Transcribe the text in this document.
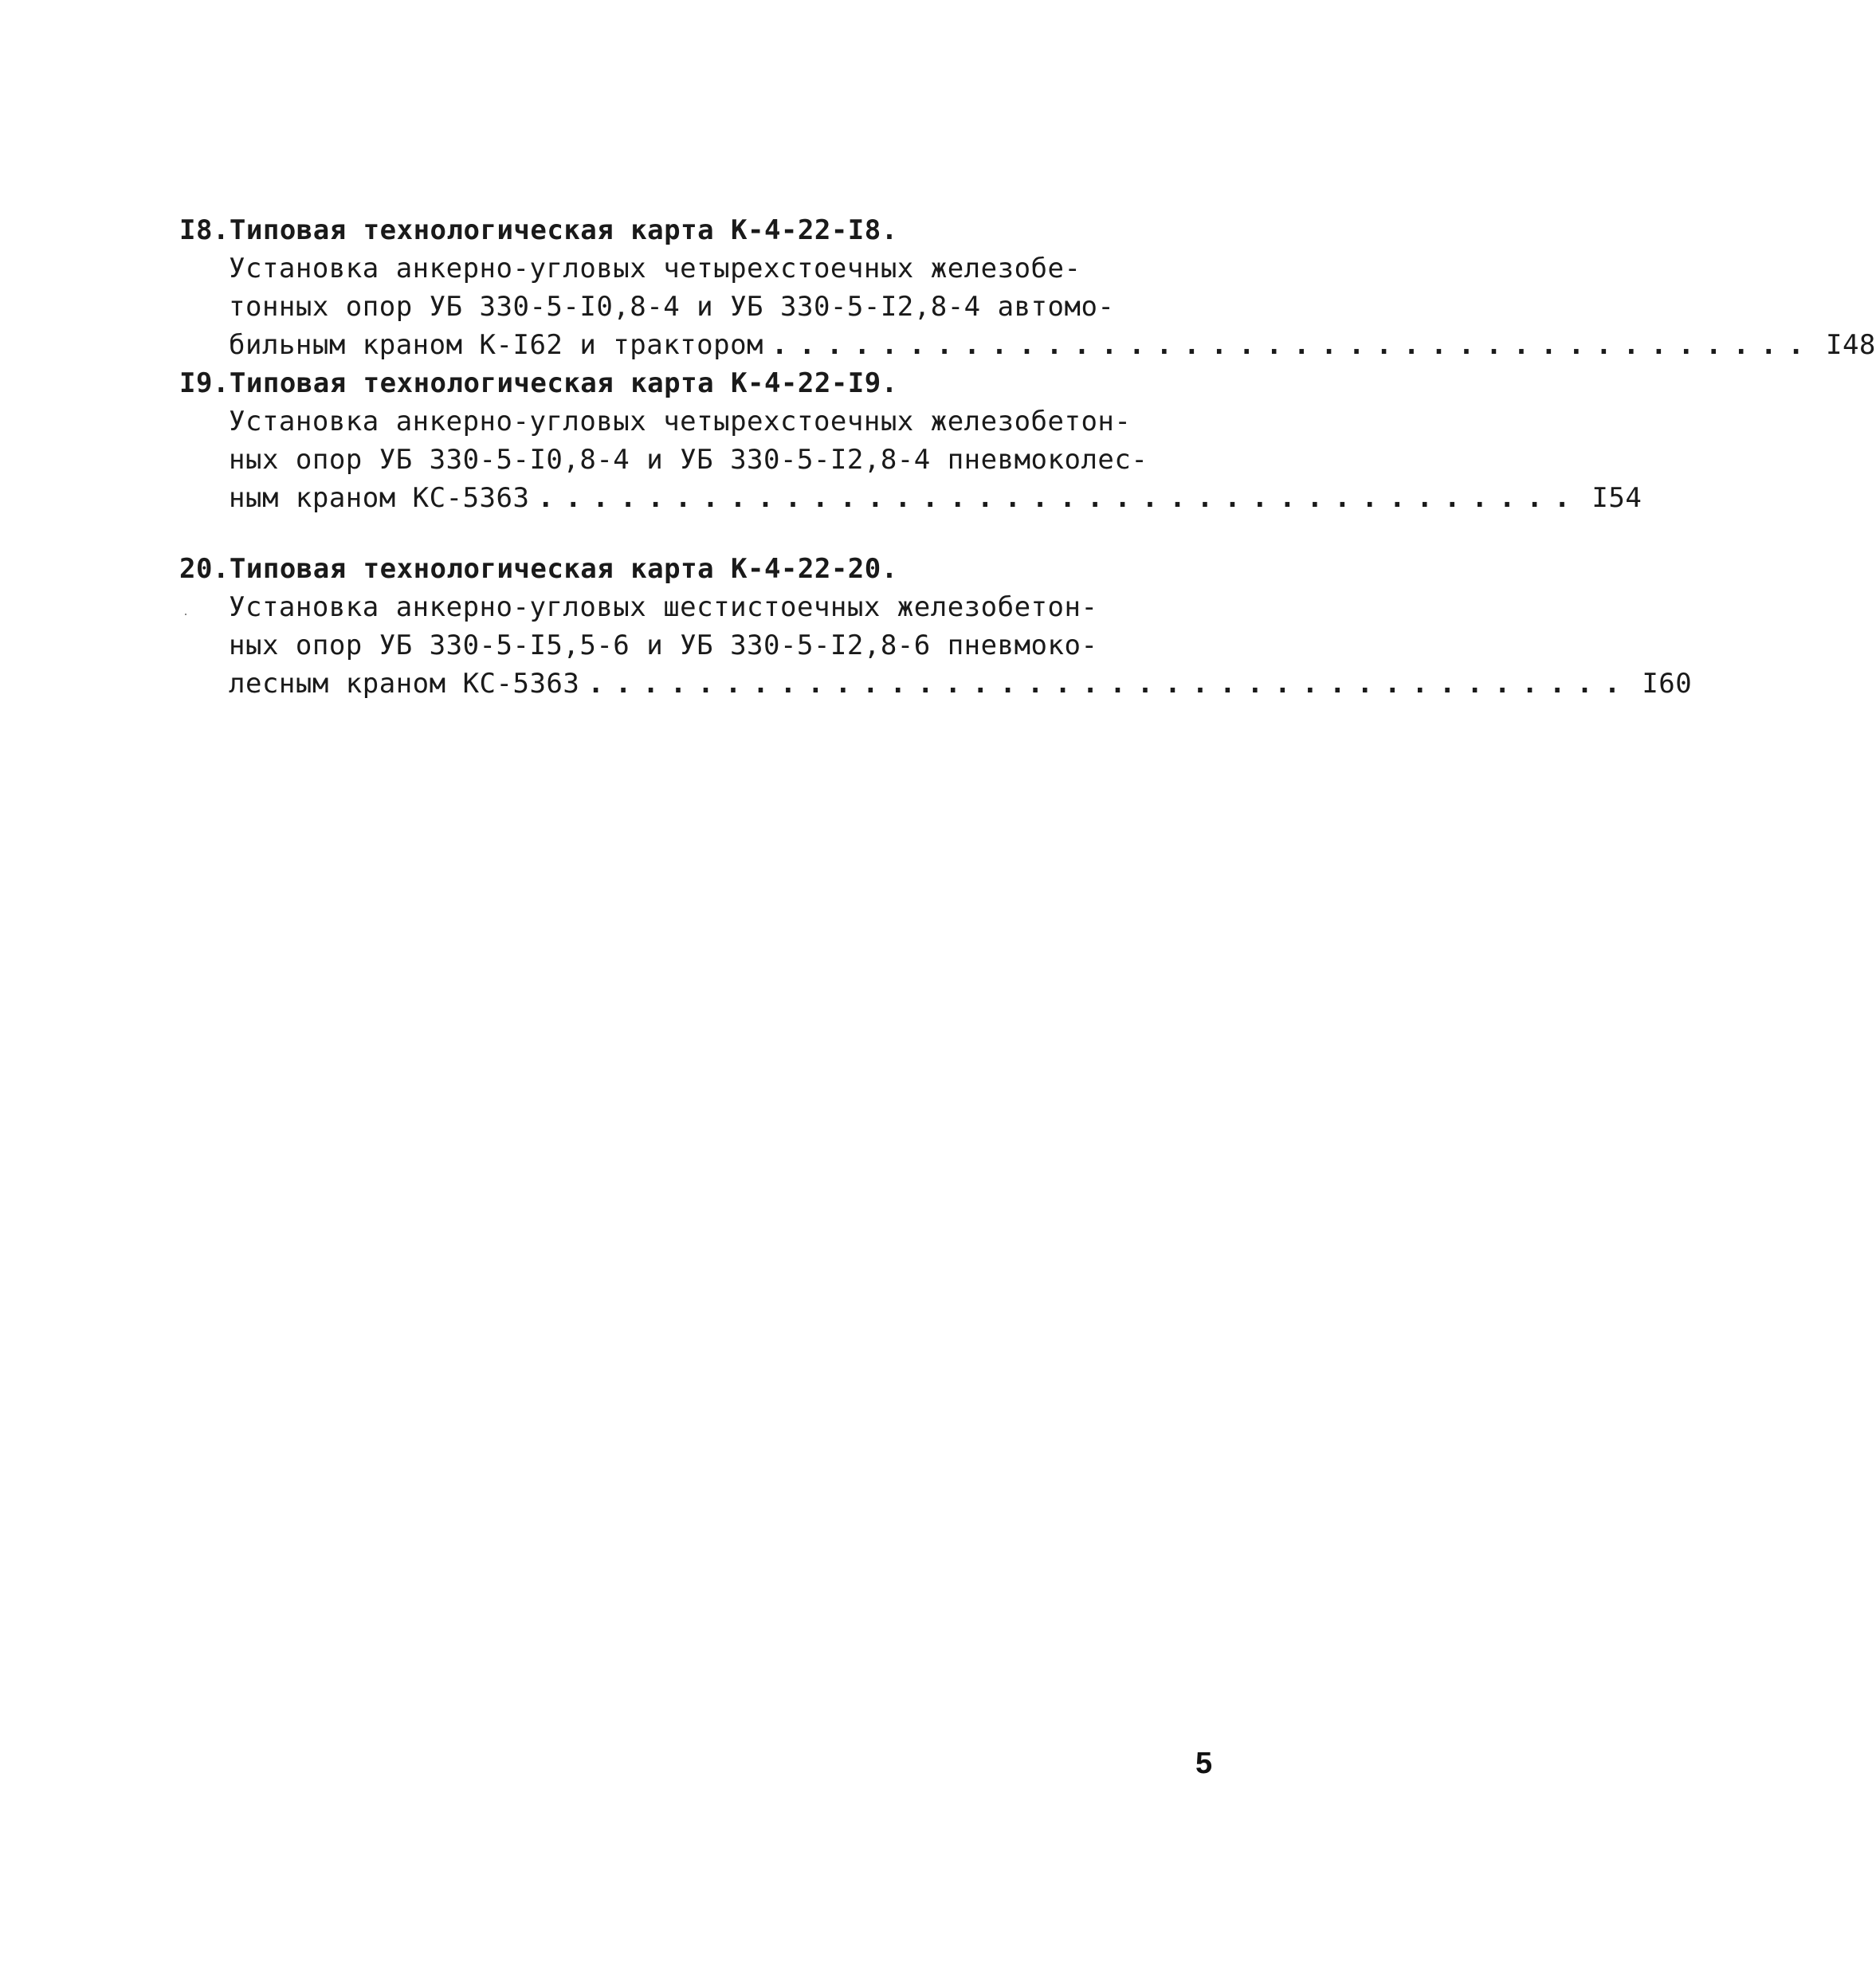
I8.Типовая технологическая карта К-4-22-I8.
Установка анкерно-угловых четырехстоечных железобе-
тонных опор УБ 330-5-I0,8-4 и УБ 330-5-I2,8-4 автомо-
бильным краном К-I62 и трактором ...................................... I48
I9.Типовая технологическая карта К-4-22-I9.
Установка анкерно-угловых четырехстоечных железобетон-
ных опор УБ 330-5-I0,8-4 и УБ 330-5-I2,8-4 пневмоколес-
ным краном КС-5363 ...................................... I54
20.Типовая технологическая карта К-4-22-20.
Установка анкерно-угловых шестистоечных железобетон-
ных опор УБ 330-5-I5,5-6 и УБ 330-5-I2,8-6 пневмоко-
лесным краном КС-5363 ...................................... I60
5
